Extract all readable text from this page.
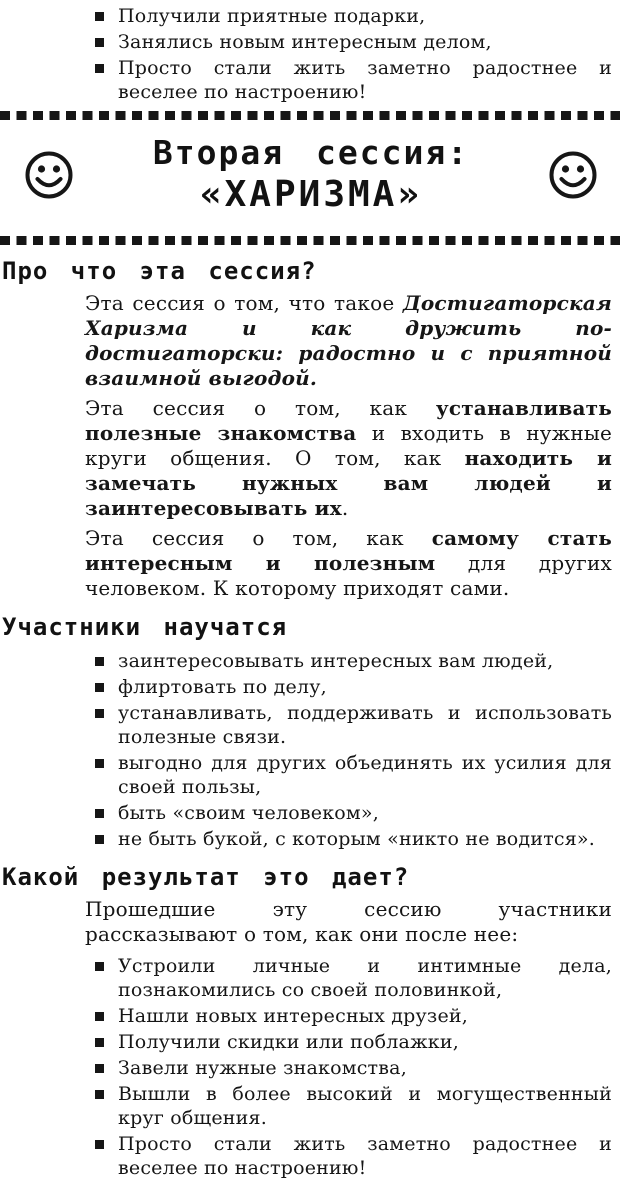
Получили приятные подарки,
Занялись новым интересным делом,
Просто стали жить заметно радостнее и веселее по настроению!
Вторая сессия:
«ХАРИЗМА»
Про что эта сессия?

Эта сессия о том, что такое Достигаторская Харизма и как дружить по-достигаторски: радостно и с приятной взаимной выгодой.

Эта сессия о том, как устанавливать полезные знакомства и входить в нужные круги общения. О том, как находить и замечать нужных вам людей и заинтересовывать их.

Эта сессия о том, как самому стать интересным и полезным для других человеком. К которому приходят сами.

Участники научатся
заинтересовывать интересных вам людей,
флиртовать по делу,
устанавливать, поддерживать и использовать полезные связи.
выгодно для других объединять их усилия для своей пользы,
быть «своим человеком»,
не быть букой, с которым «никто не водится».
Какой результат это дает?

Прошедшие эту сессию участники рассказывают о том, как они после нее:

Устроили личные и интимные дела, познакомились со своей половинкой,
Нашли новых интересных друзей,
Получили скидки или поблажки,
Завели нужные знакомства,
Вышли в более высокий и могущественный круг общения.
Просто стали жить заметно радостнее и веселее по настроению!
